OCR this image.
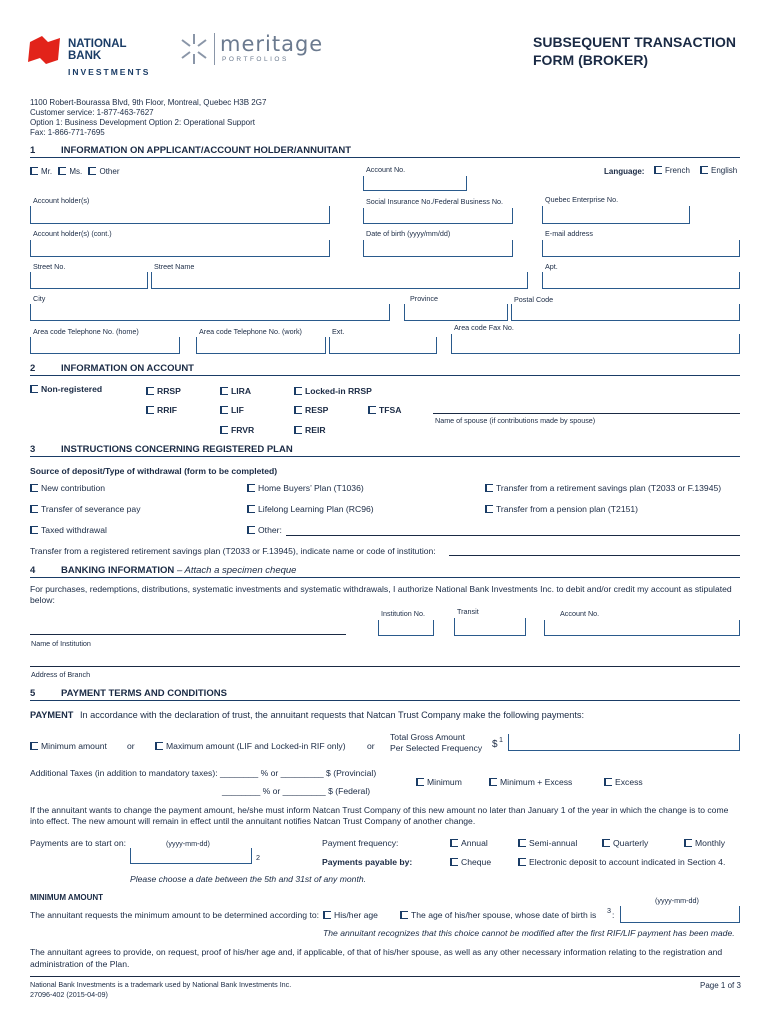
NATIONAL
BANK
INVESTMENTS
meritage
PORTFOLIOS
SUBSEQUENT TRANSACTION
FORM (BROKER)
1100 Robert-Bourassa Blvd, 9th Floor, Montreal, Quebec H3B 2G7
Customer service: 1-877-463-7627
Option 1: Business Development Option 2: Operational Support
Fax: 1-866-771-7695
1	INFORMATION ON APPLICANT/ACCOUNT HOLDER/ANNUITANT
Mr. Ms. Other	Account No.	Language:	French	English
Account holder(s)	Social Insurance No./Federal Business No.	Quebec Enterprise No.
Account holder(s) (cont.)	Date of birth (yyyy/mm/dd)	E-mail address
Street No.	Street Name	Apt.
City	Province	Postal Code
Area code Telephone No. (home)	Area code Telephone No. (work)	Ext.	Area code Fax No.
2	INFORMATION ON ACCOUNT
Non-registered	RRSP	LIRA	Locked-in RRSP
RRIF	LIF	RESP	TFSA
FRVR	REIR
Name of spouse (if contributions made by spouse)
3	INSTRUCTIONS CONCERNING REGISTERED PLAN
Source of deposit/Type of withdrawal (form to be completed)
New contribution	Home Buyers’ Plan (T1036)	Transfer from a retirement savings plan (T2033 or F.13945)
Transfer of severance pay	Lifelong Learning Plan (RC96)	Transfer from a pension plan (T2151)
Taxed withdrawal	Other:
Transfer from a registered retirement savings plan (T2033 or F.13945), indicate name or code of institution:
4	BANKING INFORMATION – Attach a specimen cheque
For purchases, redemptions, distributions, systematic investments and systematic withdrawals, I authorize National Bank Investments Inc. to debit and/or credit my account as stipulated below:
Institution No.	Transit	Account No.
Name of Institution
Address of Branch
5	PAYMENT TERMS AND CONDITIONS
PAYMENT In accordance with the declaration of trust, the annuitant requests that Natcan Trust Company make the following payments:
Minimum amount or	Maximum amount (LIF and Locked-in RIF only) or
Total Gross Amount
Per Selected Frequency $ 1
Additional Taxes (in addition to mandatory taxes): ________ % or _________ $ (Provincial)
________ % or _________ $ (Federal)
Minimum	Minimum + Excess	Excess
If the annuitant wants to change the payment amount, he/she must inform Natcan Trust Company of this new amount no later than January 1 of the year in which the change is to come into effect. The new amount will remain in effect until the annuitant notifies Natcan Trust Company of another change.
Payments are to start on:	(yyyy-mm-dd)
2
Payment frequency:	Annual	Semi-annual	Quarterly	Monthly
Payments payable by:	Cheque	Electronic deposit to account indicated in Section 4.
Please choose a date between the 5th and 31st of any month.
MINIMUM AMOUNT	(yyyy-mm-dd)
The annuitant requests the minimum amount to be determined according to:	His/her age	The age of his/her spouse, whose date of birth is 3 :
The annuitant recognizes that this choice cannot be modified after the first RIF/LIF payment has been made.
The annuitant agrees to provide, on request, proof of his/her age and, if applicable, of that of his/her spouse, as well as any other necessary information relating to the registration and administration of the Plan.
National Bank Investments is a trademark used by National Bank Investments Inc.
27096-402 (2015-04-09)
Page 1 of 3
